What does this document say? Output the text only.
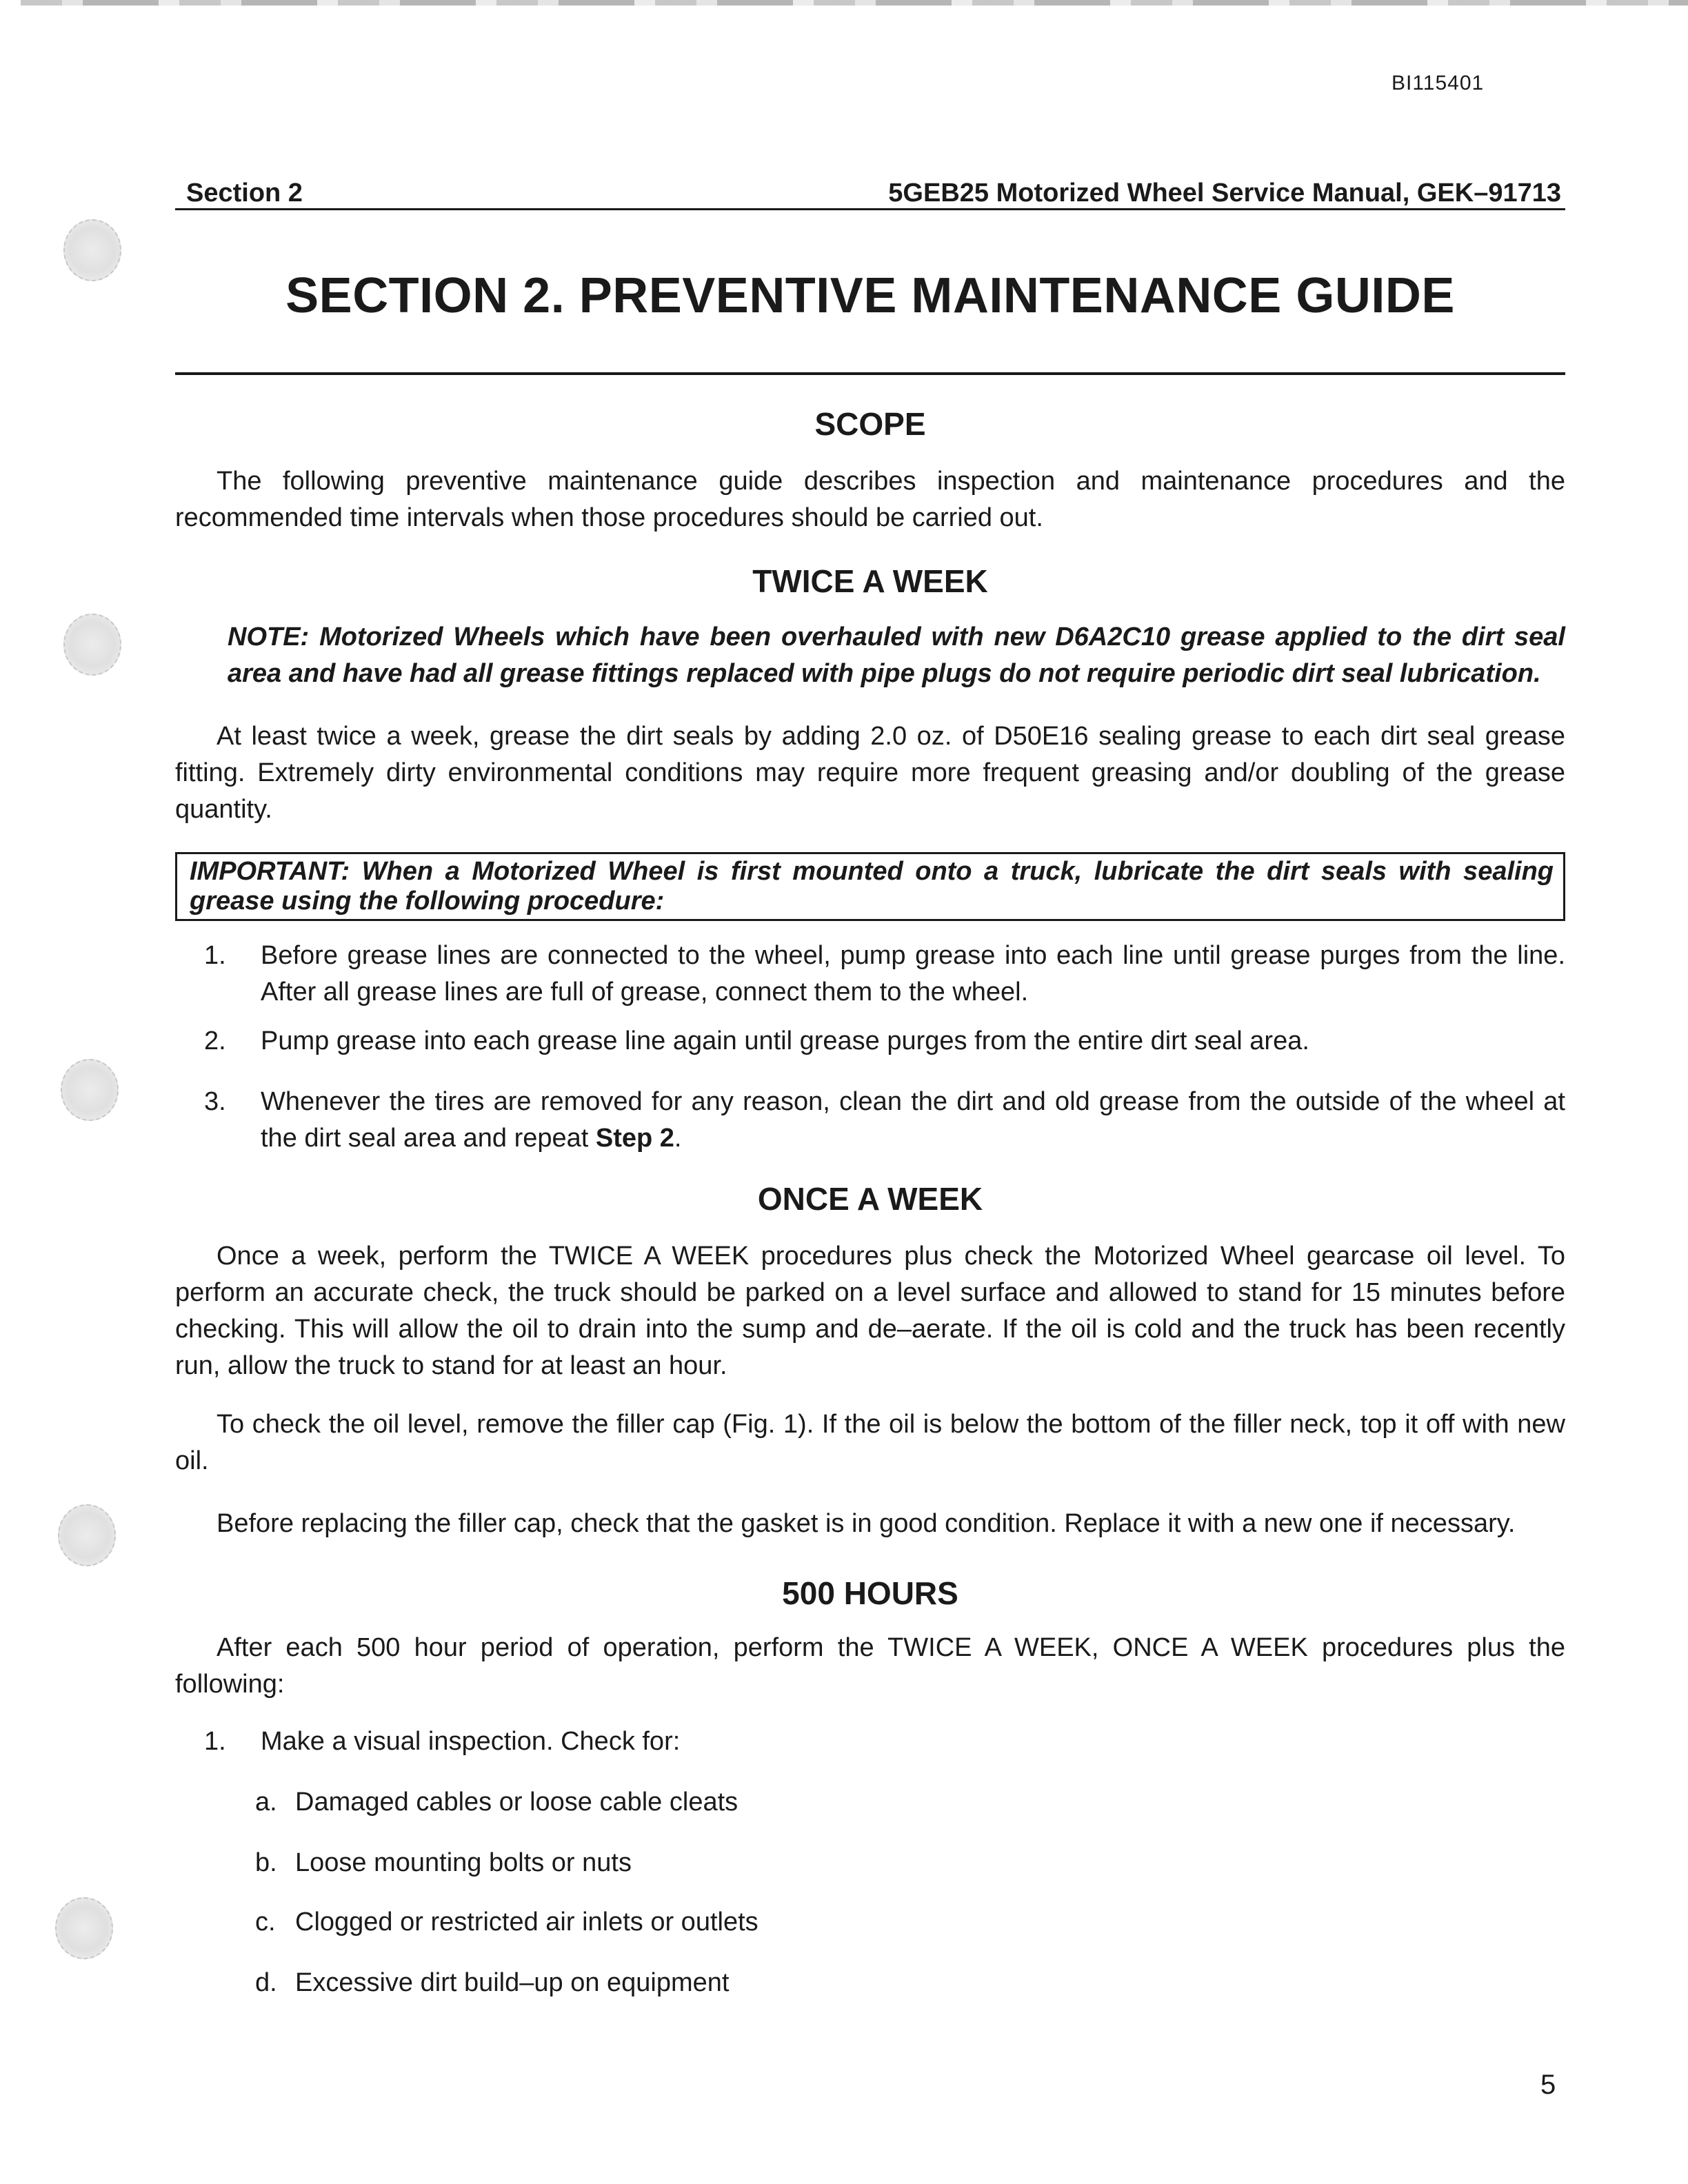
BI115401
Section 2	5GEB25 Motorized Wheel Service Manual, GEK–91713
SECTION 2. PREVENTIVE MAINTENANCE GUIDE
SCOPE
The following preventive maintenance guide describes inspection and maintenance procedures and the recommended time intervals when those procedures should be carried out.
TWICE A WEEK
NOTE: Motorized Wheels which have been overhauled with new D6A2C10 grease applied to the dirt seal area and have had all grease fittings replaced with pipe plugs do not require periodic dirt seal lubrication.
At least twice a week, grease the dirt seals by adding 2.0 oz. of D50E16 sealing grease to each dirt seal grease fitting. Extremely dirty environmental conditions may require more frequent greasing and/or doubling of the grease quantity.
IMPORTANT: When a Motorized Wheel is first mounted onto a truck, lubricate the dirt seals with sealing grease using the following procedure:
1. Before grease lines are connected to the wheel, pump grease into each line until grease purges from the line. After all grease lines are full of grease, connect them to the wheel.
2. Pump grease into each grease line again until grease purges from the entire dirt seal area.
3. Whenever the tires are removed for any reason, clean the dirt and old grease from the outside of the wheel at the dirt seal area and repeat Step 2.
ONCE A WEEK
Once a week, perform the TWICE A WEEK procedures plus check the Motorized Wheel gearcase oil level. To perform an accurate check, the truck should be parked on a level surface and allowed to stand for 15 minutes before checking. This will allow the oil to drain into the sump and de–aerate. If the oil is cold and the truck has been recently run, allow the truck to stand for at least an hour.
To check the oil level, remove the filler cap (Fig. 1). If the oil is below the bottom of the filler neck, top it off with new oil.
Before replacing the filler cap, check that the gasket is in good condition. Replace it with a new one if necessary.
500 HOURS
After each 500 hour period of operation, perform the TWICE A WEEK, ONCE A WEEK procedures plus the following:
1. Make a visual inspection. Check for:
a. Damaged cables or loose cable cleats
b. Loose mounting bolts or nuts
c. Clogged or restricted air inlets or outlets
d. Excessive dirt build–up on equipment
5
